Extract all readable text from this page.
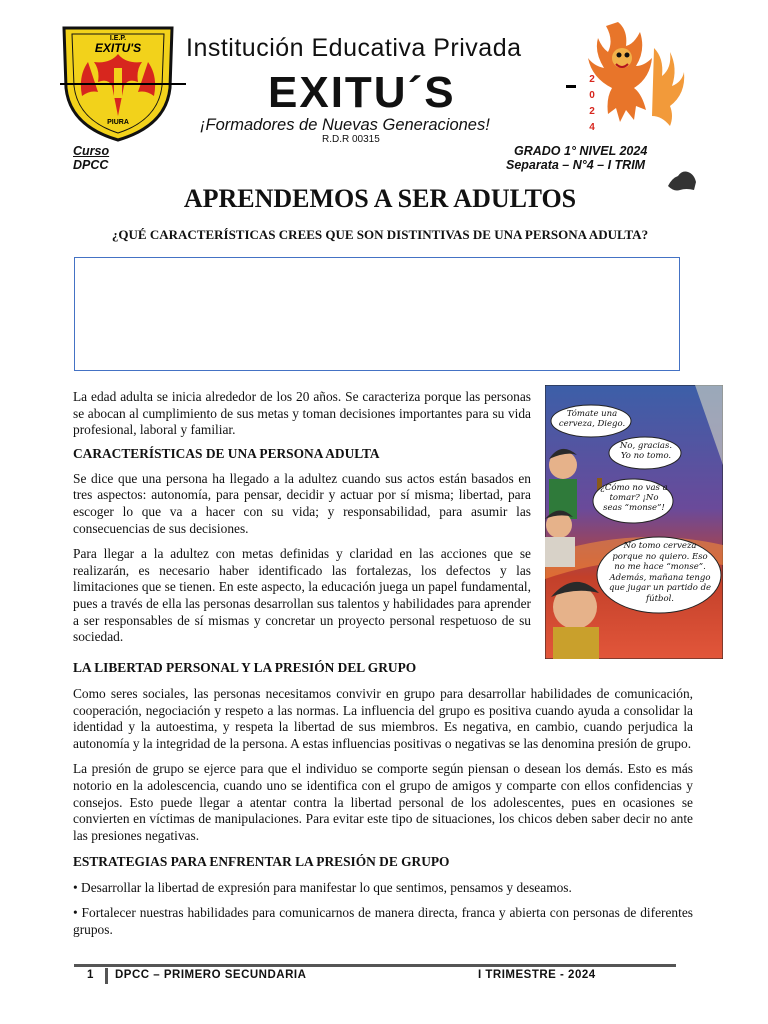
I.E.P.
EXITU'S
PIURA
Institución Educativa Privada
EXITU´S
¡Formadores de Nuevas Generaciones!
R.D.R 00315
2
0
2
4
Curso
DPCC
GRADO 1° NIVEL 2024
Separata – N°4 – I TRIM
APRENDEMOS A SER ADULTOS
¿QUÉ CARACTERÍSTICAS CREES QUE SON DISTINTIVAS DE UNA PERSONA ADULTA?
Tómate una cerveza, Diego.
No, gracias. Yo no tomo.
¿Cómo no vas a tomar? ¡No seas “monse”!
No tomo cerveza porque no quiero. Eso no me hace “monse”. Además, mañana tengo que jugar un partido de fútbol.

La edad adulta se inicia alrededor de los 20 años. Se caracteriza porque las personas se abocan al cumplimiento de sus metas y toman decisiones importantes para su vida profesional, laboral y familiar.

CARACTERÍSTICAS DE UNA PERSONA ADULTA

Se dice que una persona ha llegado a la adultez cuando sus actos están basados en tres aspectos: autonomía, para pensar, decidir y actuar por sí misma; libertad, para escoger lo que va a hacer con su vida; y responsabilidad, para asumir las consecuencias de sus decisiones.

Para llegar a la adultez con metas definidas y claridad en las acciones que se realizarán, es necesario haber identificado las fortalezas, los defectos y las limitaciones que se tienen. En este aspecto, la educación juega un papel fundamental, pues a través de ella las personas desarrollan sus talentos y habilidades para aprender a ser responsables de sí mismas y concretar un proyecto personal respetuoso de su sociedad.

LA LIBERTAD PERSONAL Y LA PRESIÓN DEL GRUPO

Como seres sociales, las personas necesitamos convivir en grupo para desarrollar habilidades de comunicación, cooperación, negociación y respeto a las normas. La influencia del grupo es positiva cuando ayuda a consolidar la identidad y la autoestima, y respeta la libertad de sus miembros. Es negativa, en cambio, cuando perjudica la autonomía y la integridad de la persona. A estas influencias positivas o negativas se las denomina presión de grupo.

La presión de grupo se ejerce para que el individuo se comporte según piensan o desean los demás. Esto es más notorio en la adolescencia, cuando uno se identifica con el grupo de amigos y comparte con ellos confidencias y consejos. Esto puede llegar a atentar contra la libertad personal de los adolescentes, pues en ocasiones se convierten en víctimas de manipulaciones. Para evitar este tipo de situaciones, los chicos deben saber decir no ante las presiones negativas.

ESTRATEGIAS PARA ENFRENTAR LA PRESIÓN DE GRUPO

• Desarrollar la libertad de expresión para manifestar lo que sentimos, pensamos y deseamos.

• Fortalecer nuestras habilidades para comunicarnos de manera directa, franca y abierta con personas de diferentes grupos.

1 DPCC – PRIMERO SECUNDARIA	I TRIMESTRE - 2024
